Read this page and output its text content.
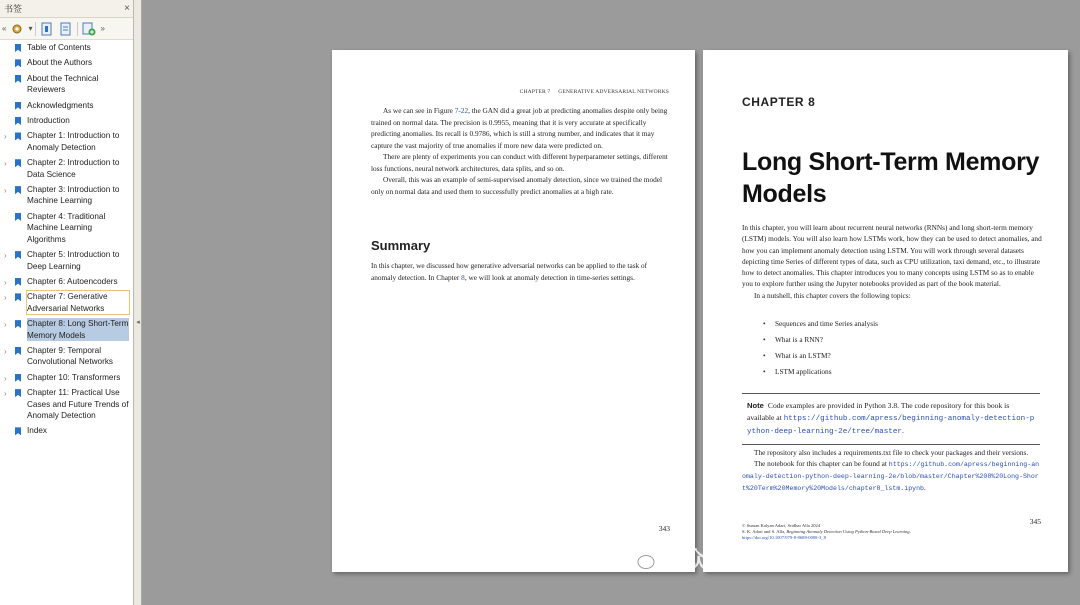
书签	×
«	▾	»
Table of Contents
About the Authors
About the Technical Reviewers
Acknowledgments
Introduction
› Chapter 1: Introduction to Anomaly Detection
› Chapter 2: Introduction to Data Science
› Chapter 3: Introduction to Machine Learning
Chapter 4: Traditional Machine Learning Algorithms
› Chapter 5: Introduction to Deep Learning
› Chapter 6: Autoencoders
› Chapter 7: Generative Adversarial Networks
› Chapter 8: Long Short-Term Memory Models
› Chapter 9: Temporal Convolutional Networks
› Chapter 10: Transformers
› Chapter 11: Practical Use Cases and Future Trends of Anomaly Detection
Index
◂
CHAPTER 7 GENERATIVE ADVERSARIAL NETWORKS

As we can see in Figure 7-22, the GAN did a great job at predicting anomalies despite only being trained on normal data. The precision is 0.9955, meaning that it is very accurate at specifically predicting anomalies. Its recall is 0.9786, which is still a strong number, and indicates that it may capture the vast majority of true anomalies if more new data were predicted on.

There are plenty of experiments you can conduct with different hyperparameter settings, different loss functions, neural network architectures, data splits, and so on.

Overall, this was an example of semi-supervised anomaly detection, since we trained the model only on normal data and used them to successfully predict anomalies at a high rate.

Summary

In this chapter, we discussed how generative adversarial networks can be applied to the task of anomaly detection. In Chapter 8, we will look at anomaly detection in time-series settings.

343
CHAPTER 8
Long Short-Term Memory Models

In this chapter, you will learn about recurrent neural networks (RNNs) and long short-term memory (LSTM) models. You will also learn how LSTMs work, how they can be used to detect anomalies, and how you can implement anomaly detection using LSTM. You will work through several datasets depicting time Series of different types of data, such as CPU utilization, taxi demand, etc., to illustrate how to detect anomalies. This chapter introduces you to many concepts using LSTM so as to enable you to explore further using the Jupyter notebooks provided as part of the book material.

In a nutshell, this chapter covers the following topics:

• Sequences and time Series analysis
• What is a RNN?
• What is an LSTM?
• LSTM applications
Note Code examples are provided in Python 3.8. The code repository for this book is available at https://github.com/apress/beginning-anomaly-detection-python-deep-learning-2e/tree/master.

The repository also includes a requirements.txt file to check your packages and their versions.

The notebook for this chapter can be found at https://github.com/apress/beginning-anomaly-detection-python-deep-learning-2e/blob/master/Chapter%208%20Long-Short%20Term%20Memory%20Models/chapter8_lstm.ipynb.

© Suman Kalyan Adari, Sridhar Alla 2024
S. K. Adari and S. Alla, Beginning Anomaly Detection Using Python-Based Deep Learning,
https://doi.org/10.1007/979-8-8688-0008-3_8
345
公众号 · 人工智能学习指南
